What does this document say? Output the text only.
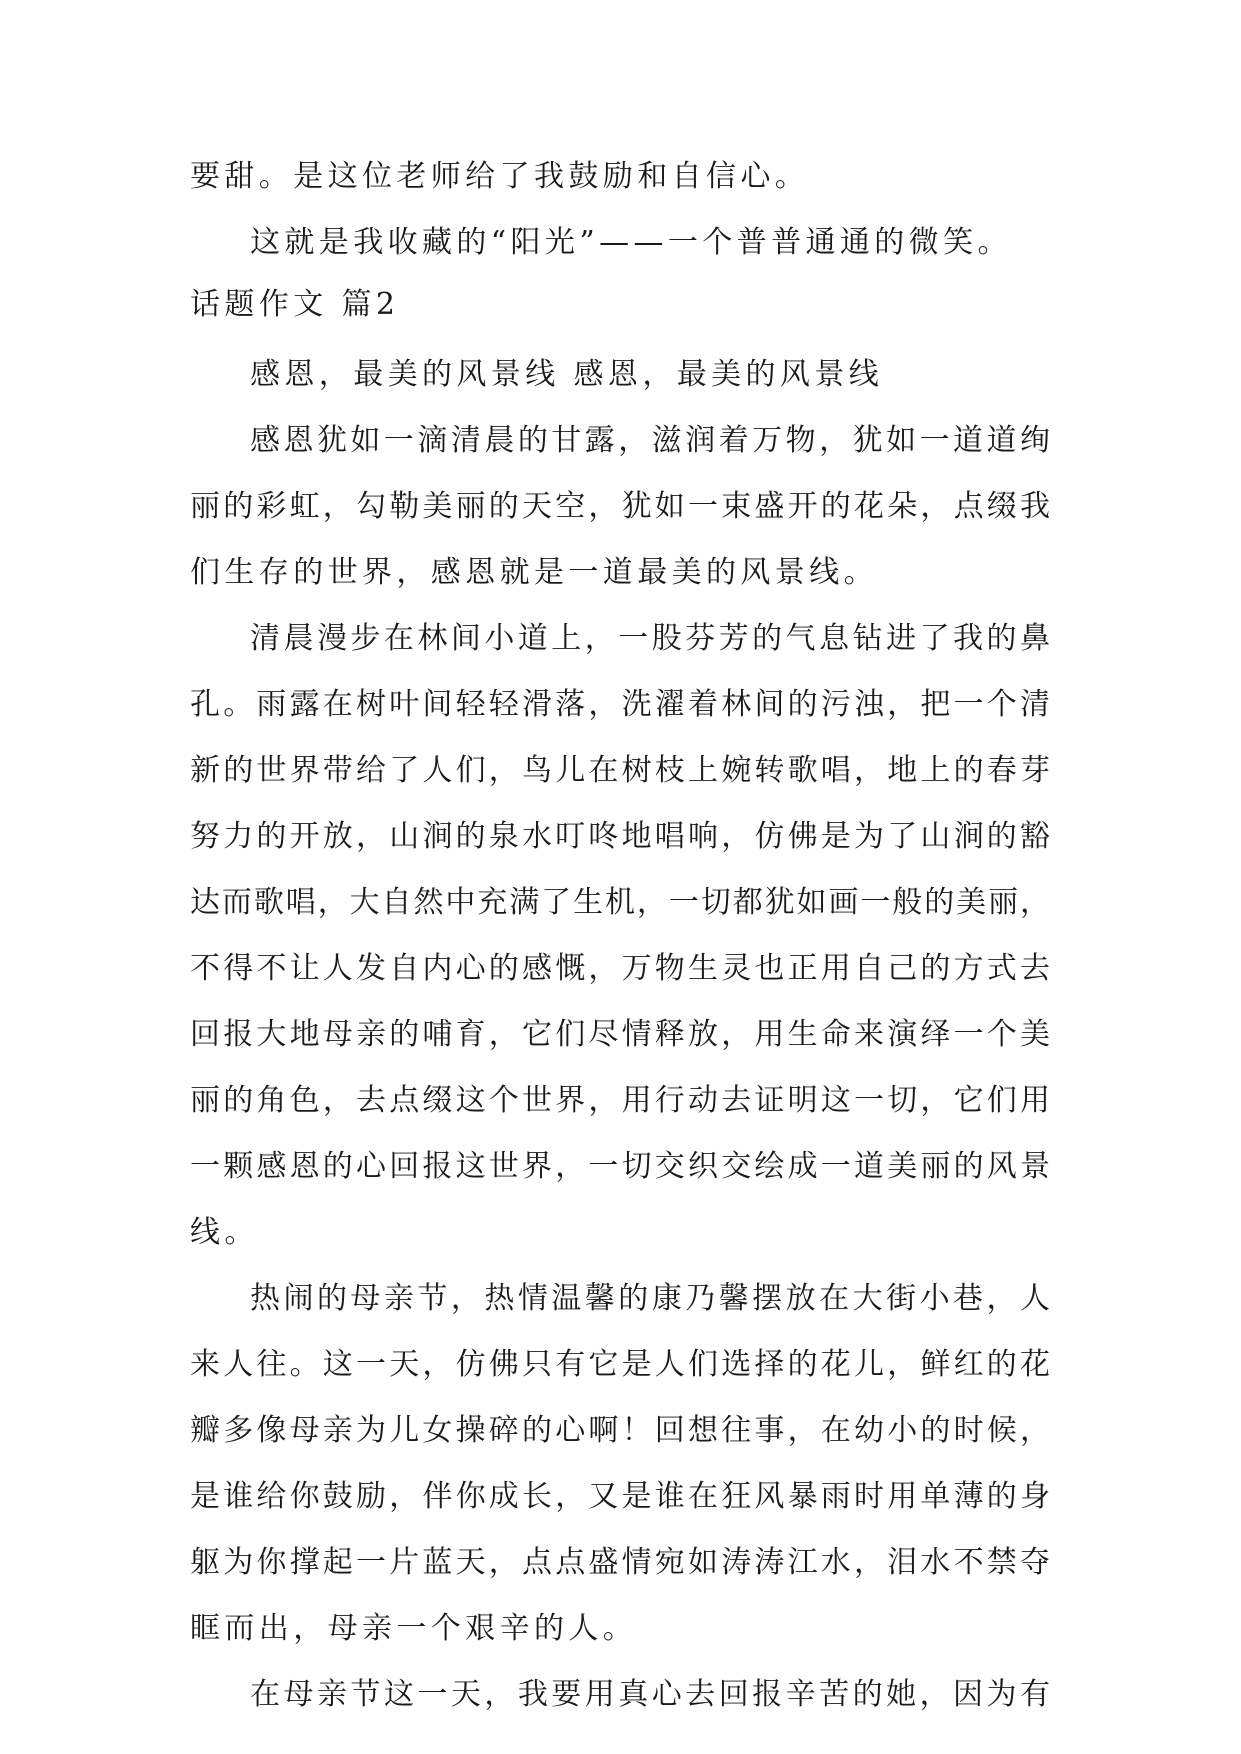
要甜。是这位老师给了我鼓励和自信心。
这就是我收藏的“阳光”——一个普普通通的微笑。
话题作文 篇2
感恩，最美的风景线 感恩，最美的风景线
感恩犹如一滴清晨的甘露，滋润着万物，犹如一道道绚
丽的彩虹，勾勒美丽的天空，犹如一束盛开的花朵，点缀我
们生存的世界，感恩就是一道最美的风景线。
清晨漫步在林间小道上，一股芬芳的气息钻进了我的鼻
孔。雨露在树叶间轻轻滑落，洗濯着林间的污浊，把一个清
新的世界带给了人们，鸟儿在树枝上婉转歌唱，地上的春芽
努力的开放，山涧的泉水叮咚地唱响，仿佛是为了山涧的豁
达而歌唱，大自然中充满了生机，一切都犹如画一般的美丽，
不得不让人发自内心的感慨，万物生灵也正用自己的方式去
回报大地母亲的哺育，它们尽情释放，用生命来演绎一个美
丽的角色，去点缀这个世界，用行动去证明这一切，它们用
一颗感恩的心回报这世界，一切交织交绘成一道美丽的风景
线。
热闹的母亲节，热情温馨的康乃馨摆放在大街小巷，人
来人往。这一天，仿佛只有它是人们选择的花儿，鲜红的花
瓣多像母亲为儿女操碎的心啊！回想往事，在幼小的时候，
是谁给你鼓励，伴你成长，又是谁在狂风暴雨时用单薄的身
躯为你撑起一片蓝天，点点盛情宛如涛涛江水，泪水不禁夺
眶而出，母亲一个艰辛的人。
在母亲节这一天，我要用真心去回报辛苦的她，因为有
